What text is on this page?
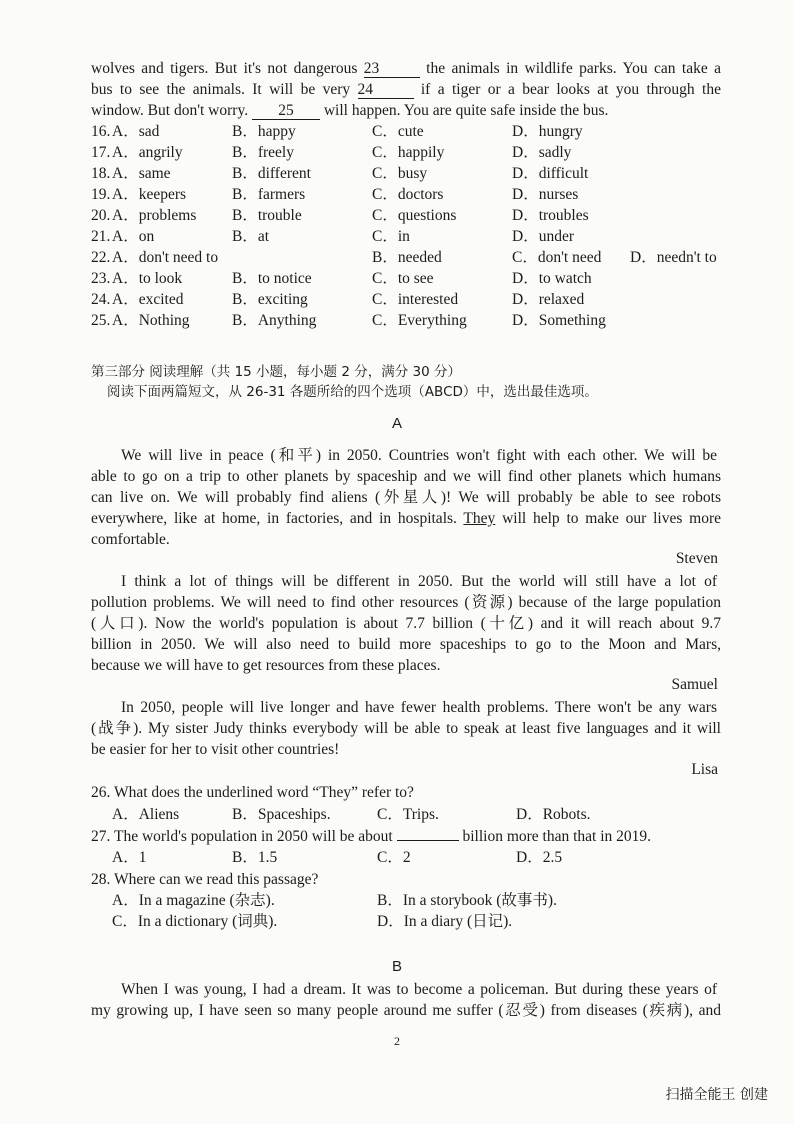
wolves and tigers. But it's not dangerous 23	the animals in wildlife parks. You can take a
bus to see the animals. It will be very 24	if a tiger or a bear looks at you through the
window. But don't worry. 25 will happen. You are quite safe inside the bus.
16. A．sad	B．happy	C．cute	D．hungry
17. A．angrily	B．freely	C．happily	D．sadly
18. A．same	B．different	C．busy	D．difficult
19. A．keepers	B．farmers	C．doctors	D．nurses
20. A．problems B．trouble	C．questions	D．troubles
21. A．on	B．at	C．in	D．under
22. A．don't need to	B．needed	C．don't need D．needn't to
23. A．to look	B．to notice	C．to see	D．to watch
24. A．excited	B．exciting	C．interested	D．relaxed
25. A．Nothing	B．Anything	C．Everything	D．Something
第三部分 阅读理解（共 15 小题，每小题 2 分，满分 30 分）
阅读下面两篇短文，从 26-31 各题所给的四个选项（ABCD）中，选出最佳选项。
A
We will live in peace (和平) in 2050. Countries won't fight with each other. We will be
able to go on a trip to other planets by spaceship and we will find other planets which humans
can live on. We will probably find aliens (外星人)! We will probably be able to see robots
everywhere, like at home, in factories, and in hospitals. They will help to make our lives more
comfortable.
Steven
I think a lot of things will be different in 2050. But the world will still have a lot of
pollution problems. We will need to find other resources (资源) because of the large population
(人口). Now the world's population is about 7.7 billion (十亿) and it will reach about 9.7
billion in 2050. We will also need to build more spaceships to go to the Moon and Mars,
because we will have to get resources from these places.
Samuel
In 2050, people will live longer and have fewer health problems. There won't be any wars
(战争). My sister Judy thinks everybody will be able to speak at least five languages and it will
be easier for her to visit other countries!
Lisa
26. What does the underlined word “They” refer to?
A．Aliens	B．Spaceships.	C．Trips.	D．Robots.
27. The world's population in 2050 will be about	billion more than that in 2019.
A．1	B．1.5	C．2	D．2.5
28. Where can we read this passage?
A．In a magazine (杂志).	B．In a storybook (故事书).
C．In a dictionary (词典).	D．In a diary (日记).
B
When I was young, I had a dream. It was to become a policeman. But during these years of
my growing up, I have seen so many people around me suffer (忍受) from diseases (疾病), and
2
扫描全能王 创建
